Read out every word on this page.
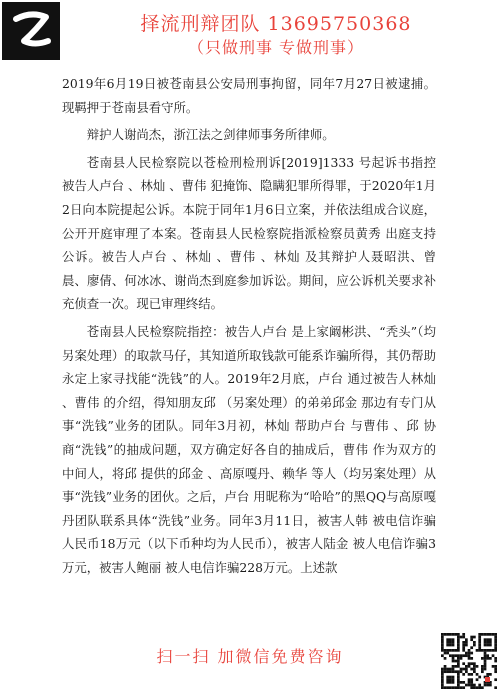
择流刑辩团队 13695750368
（只做刑事 专做刑事）

2019年6月19日被苍南县公安局刑事拘留，同年7月27日被逮捕。现羁押于苍南县看守所。

辩护人谢尚杰，浙江法之剑律师事务所律师。

苍南县人民检察院以苍检刑检刑诉[2019]1333 号起诉书指控被告人卢台 、林灿 、曹伟 犯掩饰、隐瞒犯罪所得罪，于2020年1月2日向本院提起公诉。本院于同年1月6日立案，并依法组成合议庭，公开开庭审理了本案。苍南县人民检察院指派检察员黄秀 出庭支持公诉。被告人卢台 、林灿 、曹伟 、林灿 及其辩护人聂昭洪、曾晨、廖倩、何冰冰、谢尚杰到庭参加诉讼。期间，应公诉机关要求补充侦查一次。现已审理终结。

苍南县人民检察院指控：被告人卢台 是上家阚彬洪、“秃头”（均另案处理）的取款马仔，其知道所取钱款可能系诈骗所得，其仍帮助永定上家寻找能“洗钱”的人。2019年2月底，卢台 通过被告人林灿 、曹伟 的介绍，得知朋友邱 （另案处理）的弟弟邱金 那边有专门从事“洗钱”业务的团队。同年3月初，林灿 帮助卢台 与曹伟 、邱 协商“洗钱”的抽成问题，双方确定好各自的抽成后，曹伟 作为双方的中间人，将邱 提供的邱金 、高原嘎丹、赖华 等人（均另案处理）从事“洗钱”业务的团伙。之后，卢台 用昵称为“哈哈”的黑QQ与高原嘎丹团队联系具体“洗钱”业务。同年3月11日，被害人韩 被电信诈骗人民币18万元（以下币种均为人民币），被害人陆金 被人电信诈骗3万元，被害人鲍丽 被人电信诈骗228万元。上述款

扫一扫 加微信免费咨询
